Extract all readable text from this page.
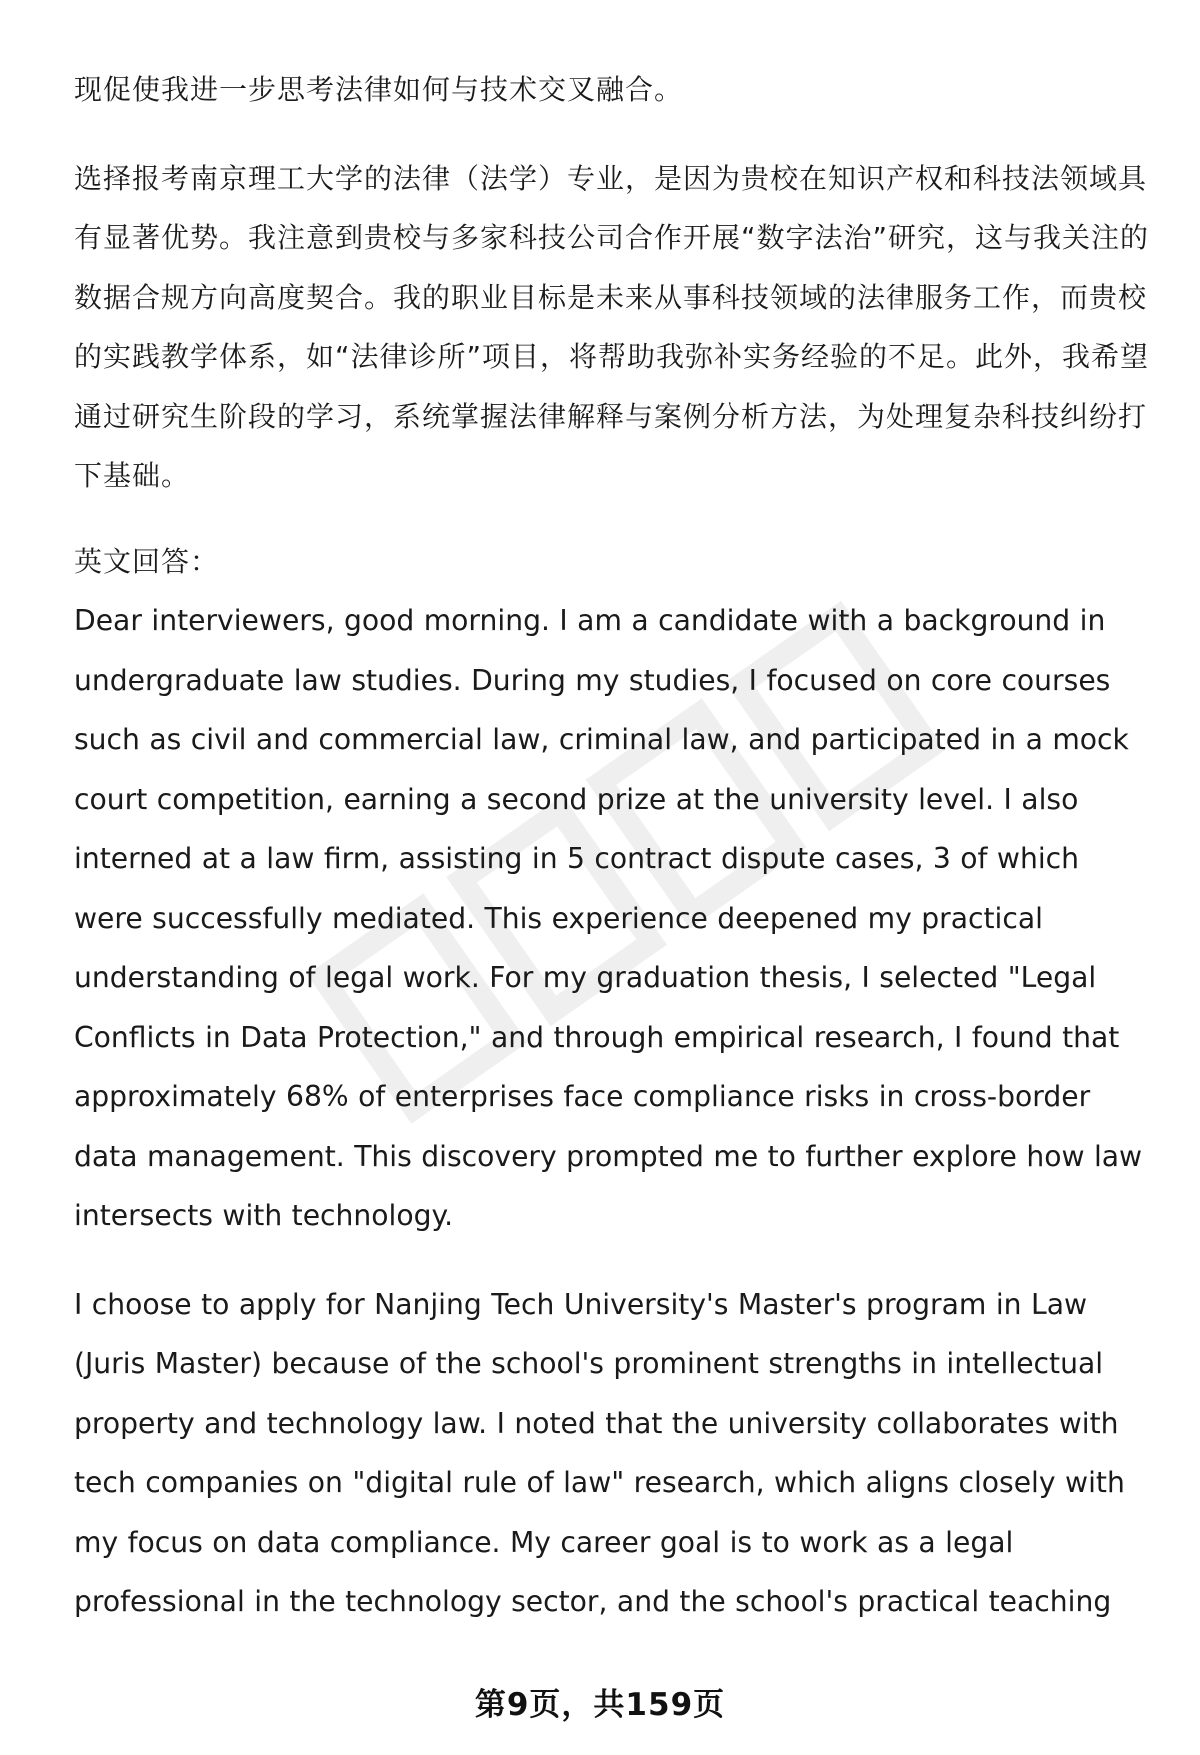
现促使我进一步思考法律如何与技术交叉融合。

选择报考南京理工大学的法律（法学）专业，是因为贵校在知识产权和科技法领域具有显著优势。我注意到贵校与多家科技公司合作开展“数字法治”研究，这与我关注的数据合规方向高度契合。我的职业目标是未来从事科技领域的法律服务工作，而贵校的实践教学体系，如“法律诊所”项目，将帮助我弥补实务经验的不足。此外，我希望通过研究生阶段的学习，系统掌握法律解释与案例分析方法，为处理复杂科技纠纷打下基础。

英文回答：

Dear interviewers, good morning. I am a candidate with a background in undergraduate law studies. During my studies, I focused on core courses such as civil and commercial law, criminal law, and participated in a mock court competition, earning a second prize at the university level. I also interned at a law firm, assisting in 5 contract dispute cases, 3 of which were successfully mediated. This experience deepened my practical understanding of legal work. For my graduation thesis, I selected "Legal Conflicts in Data Protection," and through empirical research, I found that approximately 68% of enterprises face compliance risks in cross-border data management. This discovery prompted me to further explore how law intersects with technology.

I choose to apply for Nanjing Tech University's Master's program in Law (Juris Master) because of the school's prominent strengths in intellectual property and technology law. I noted that the university collaborates with tech companies on "digital rule of law" research, which aligns closely with my focus on data compliance. My career goal is to work as a legal professional in the technology sector, and the school's practical teaching

第9页，共159页
